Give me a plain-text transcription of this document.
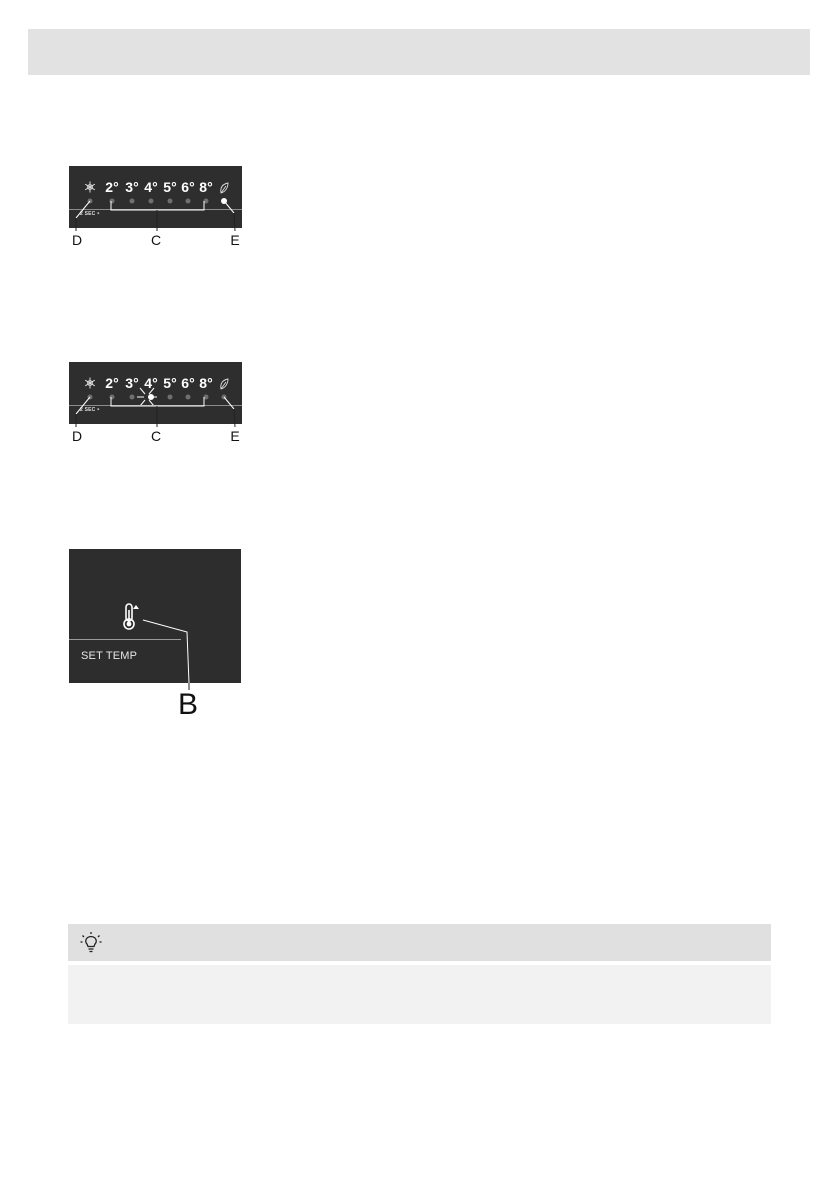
2° 3° 4° 5° 6° 8°
2 SEC ‣
D	C	E
2° 3° 4° 5° 6° 8°
2 SEC ‣
D	C	E
SET TEMP
B
